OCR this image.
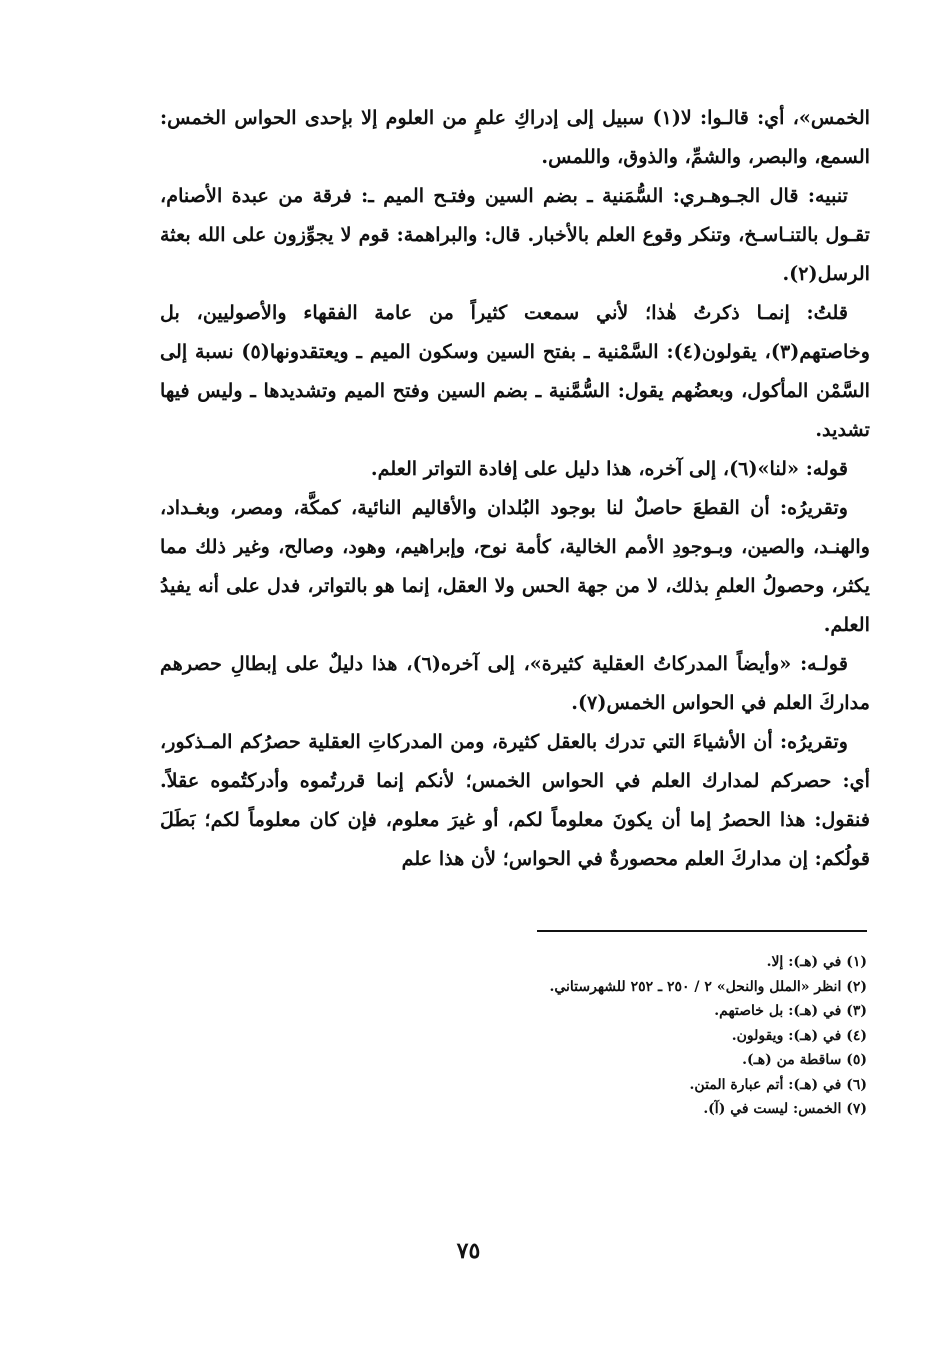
الخمس»، أي: قالـوا: لا(١) سبيل إلى إدراكِ علمٍ من العلوم إلا بإحدى الحواس الخمس: السمع، والبصر، والشمِّ، والذوق، واللمس.

تنبيه: قال الجـوهـري: السُّمَنية ـ بضم السين وفتـح الميم ـ: فرقة من عبدة الأصنام، تقـول بالتنـاسـخ، وتنكر وقوع العلم بالأخبار. قال: والبراهمة: قوم لا يجوِّزون على الله بعثة الرسل(٢).

قلتُ: إنمـا ذكرتُ هٰذا؛ لأني سمعت كثيراً من عامة الفقهاء والأصوليين، بل وخاصتهم(٣)، يقولون(٤): السَّمْنية ـ بفتح السين وسكون الميم ـ ويعتقدونها(٥) نسبة إلى السَّمْن المأكول، وبعضُهم يقول: السُّمَّنية ـ بضم السين وفتح الميم وتشديدها ـ وليس فيها تشديد.

قوله: «لنا»(٦)، إلى آخره، هذا دليل على إفادة التواتر العلم.

وتقريرُه: أن القطعَ حاصلٌ لنا بوجود البُلدان والأقاليم النائية، كمكَّة، ومصر، وبغـداد، والهنـد، والصين، وبـوجودِ الأمم الخالية، كأمة نوح، وإبراهيم، وهود، وصالح، وغير ذلك مما يكثر، وحصولُ العلمِ بذلك، لا من جهة الحس ولا العقل، إنما هو بالتواتر، فدل على أنه يفيدُ العلم.

قولـه: «وأيضاً المدركاتُ العقلية كثيرة»، إلى آخره(٦)، هذا دليلٌ على إبطالِ حصرهم مداركَ العلم في الحواس الخمس(٧).

وتقريرُه: أن الأشياءَ التي تدرك بالعقل كثيرة، ومن المدركاتِ العقلية حصرُكم المـذكور، أي: حصركم لمدارك العلم في الحواس الخمس؛ لأنكم إنما قررتُموه وأدركتُموه عقلاً. فنقول: هذا الحصرُ إما أن يكونَ معلوماً لكم، أو غيرَ معلوم، فإن كان معلوماً لكم؛ بَطَلَ قولُكم: إن مداركَ العلم محصورةٌ في الحواس؛ لأن هذا علم

(١) في (هـ): إلا.

(٢) انظر «الملل والنحل» ٢ / ٢٥٠ ـ ٢٥٢ للشهرستاني.

(٣) في (هـ): بل خاصتهم.

(٤) في (هـ): ويقولون.

(٥) ساقطة من (هـ).

(٦) في (هـ): أتم عبارة المتن.

(٧) الخمس: ليست في (آ).

٧٥
